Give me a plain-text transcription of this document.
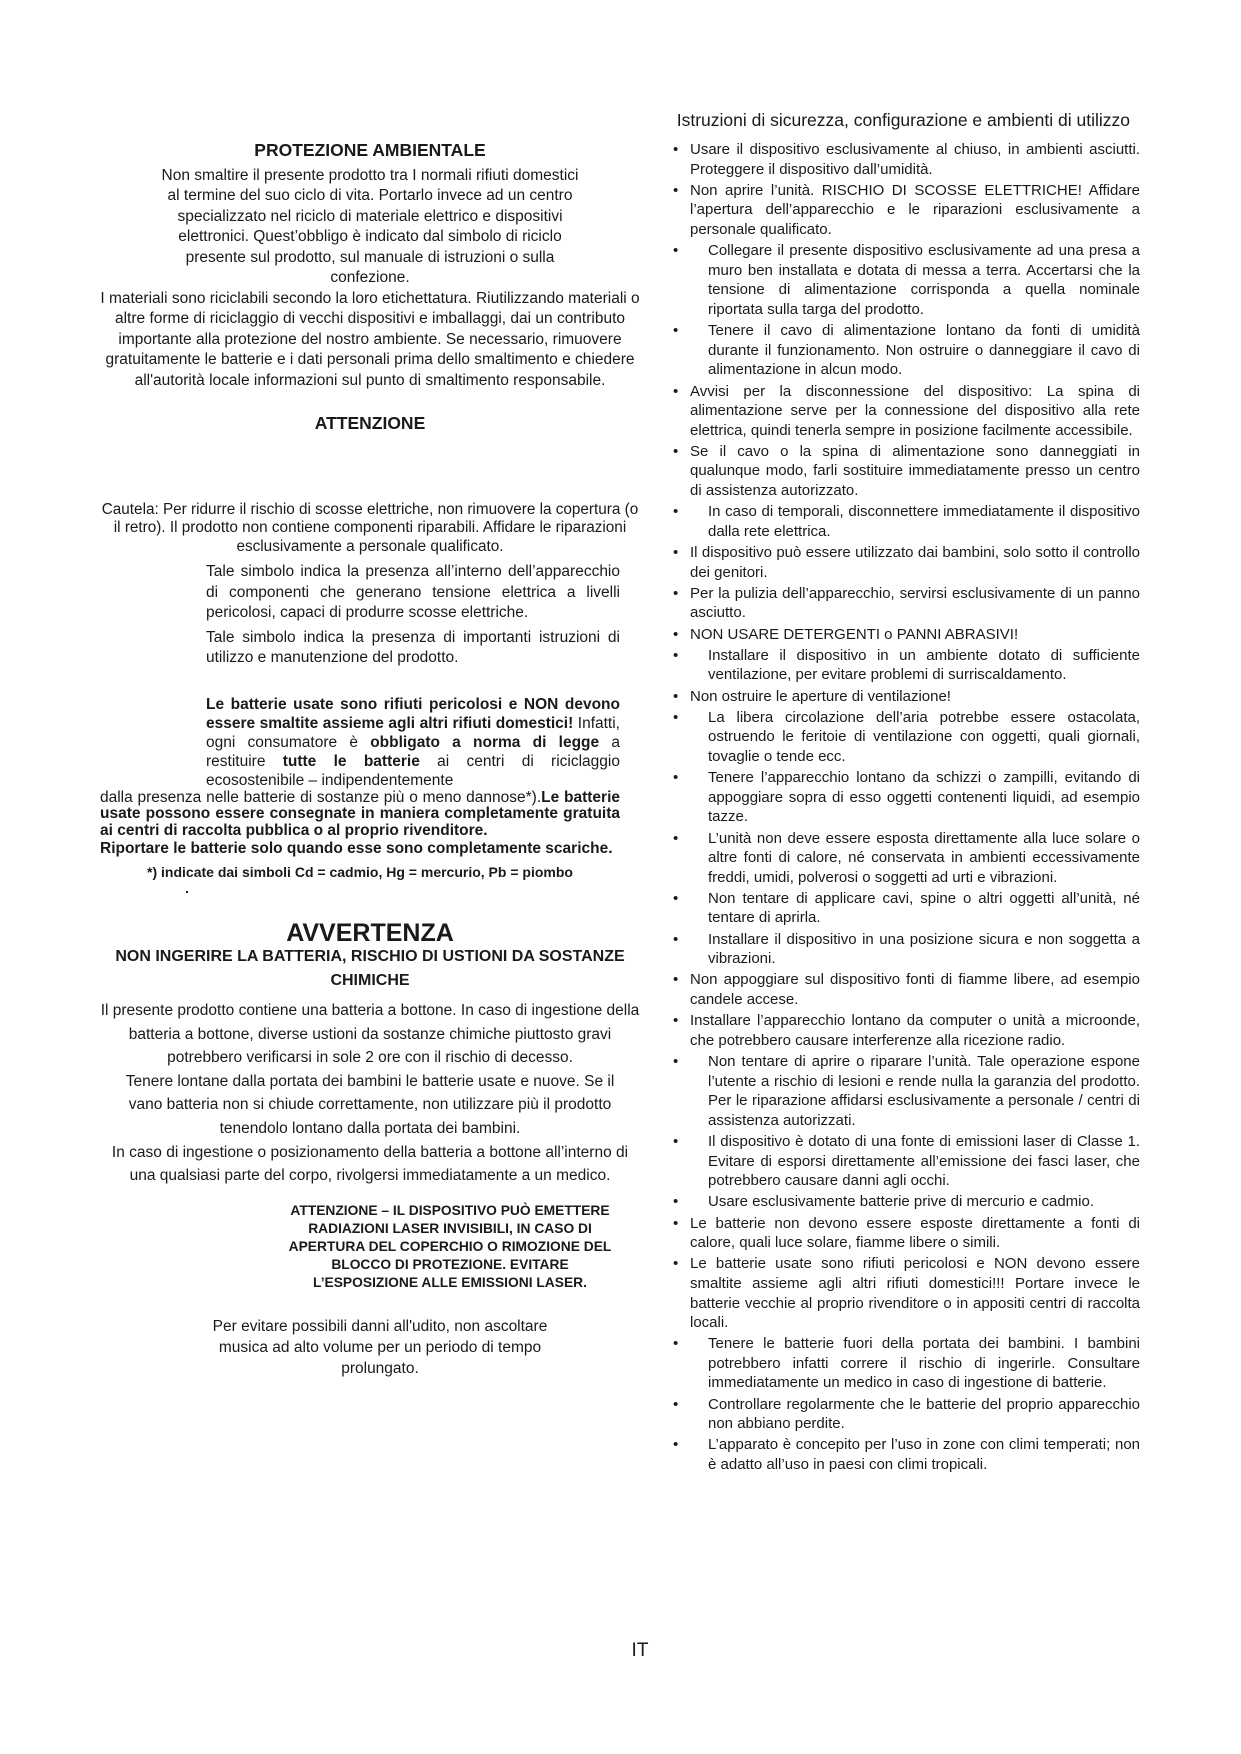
Istruzioni di sicurezza, configurazione e ambienti di utilizzo
PROTEZIONE AMBIENTALE

Non smaltire il presente prodotto tra I normali rifiuti domestici al termine del suo ciclo di vita. Portarlo invece ad un centro specializzato nel riciclo di materiale elettrico e dispositivi elettronici. Quest’obbligo è indicato dal simbolo di riciclo presente sul prodotto, sul manuale di istruzioni o sulla confezione.

I materiali sono riciclabili secondo la loro etichettatura. Riutilizzando materiali o altre forme di riciclaggio di vecchi dispositivi e imballaggi, dai un contributo importante alla protezione del nostro ambiente. Se necessario, rimuovere gratuitamente le batterie e i dati personali prima dello smaltimento e chiedere all'autorità locale informazioni sul punto di smaltimento responsabile.

ATTENZIONE

Cautela: Per ridurre il rischio di scosse elettriche, non rimuovere la copertura (o il retro). Il prodotto non contiene componenti riparabili. Affidare le riparazioni esclusivamente a personale qualificato.

Tale simbolo indica la presenza all’interno dell’apparecchio di componenti che generano tensione elettrica a livelli pericolosi, capaci di produrre scosse elettriche.

Tale simbolo indica la presenza di importanti istruzioni di utilizzo e manutenzione del prodotto.

Le batterie usate sono rifiuti pericolosi e NON devono essere smaltite assieme agli altri rifiuti domestici! Infatti, ogni consumatore è obbligato a norma di legge a restituire tutte le batterie ai centri di riciclaggio ecosostenibile – indipendentemente

dalla presenza nelle batterie di sostanze più o meno dannose*).Le batterie usate possono essere consegnate in maniera completamente gratuita ai centri di raccolta pubblica o al proprio rivenditore.

Riportare le batterie solo quando esse sono completamente scariche.

*) indicate dai simboli Cd = cadmio, Hg = mercurio, Pb = piombo
.
AVVERTENZA
NON INGERIRE LA BATTERIA, RISCHIO DI USTIONI DA SOSTANZE CHIMICHE

Il presente prodotto contiene una batteria a bottone. In caso di ingestione della batteria a bottone, diverse ustioni da sostanze chimiche piuttosto gravi potrebbero verificarsi in sole 2 ore con il rischio di decesso.

Tenere lontane dalla portata dei bambini le batterie usate e nuove. Se il vano batteria non si chiude correttamente, non utilizzare più il prodotto tenendolo lontano dalla portata dei bambini.

In caso di ingestione o posizionamento della batteria a bottone all’interno di una qualsiasi parte del corpo, rivolgersi immediatamente a un medico.

ATTENZIONE – IL DISPOSITIVO PUÒ EMETTERE RADIAZIONI LASER INVISIBILI, IN CASO DI APERTURA DEL COPERCHIO O RIMOZIONE DEL BLOCCO DI PROTEZIONE. EVITARE L’ESPOSIZIONE ALLE EMISSIONI LASER.

Per evitare possibili danni all'udito, non ascoltare musica ad alto volume per un periodo di tempo prolungato.

• Usare il dispositivo esclusivamente al chiuso, in ambienti asciutti. Proteggere il dispositivo dall’umidità.
• Non aprire l’unità. RISCHIO DI SCOSSE ELETTRICHE! Affidare l’apertura dell’apparecchio e le riparazioni esclusivamente a personale qualificato.
• Collegare il presente dispositivo esclusivamente ad una presa a muro ben installata e dotata di messa a terra. Accertarsi che la tensione di alimentazione corrisponda a quella nominale riportata sulla targa del prodotto.
• Tenere il cavo di alimentazione lontano da fonti di umidità durante il funzionamento. Non ostruire o danneggiare il cavo di alimentazione in alcun modo.
• Avvisi per la disconnessione del dispositivo: La spina di alimentazione serve per la connessione del dispositivo alla rete elettrica, quindi tenerla sempre in posizione facilmente accessibile.
• Se il cavo o la spina di alimentazione sono danneggiati in qualunque modo, farli sostituire immediatamente presso un centro di assistenza autorizzato.
• In caso di temporali, disconnettere immediatamente il dispositivo dalla rete elettrica.
• Il dispositivo può essere utilizzato dai bambini, solo sotto il controllo dei genitori.
• Per la pulizia dell’apparecchio, servirsi esclusivamente di un panno asciutto.
• NON USARE DETERGENTI o PANNI ABRASIVI!
• Installare il dispositivo in un ambiente dotato di sufficiente ventilazione, per evitare problemi di surriscaldamento.
• Non ostruire le aperture di ventilazione!
• La libera circolazione dell’aria potrebbe essere ostacolata, ostruendo le feritoie di ventilazione con oggetti, quali giornali, tovaglie o tende ecc.
• Tenere l’apparecchio lontano da schizzi o zampilli, evitando di appoggiare sopra di esso oggetti contenenti liquidi, ad esempio tazze.
• L’unità non deve essere esposta direttamente alla luce solare o altre fonti di calore, né conservata in ambienti eccessivamente freddi, umidi, polverosi o soggetti ad urti e vibrazioni.
• Non tentare di applicare cavi, spine o altri oggetti all’unità, né tentare di aprirla.
• Installare il dispositivo in una posizione sicura e non soggetta a vibrazioni.
• Non appoggiare sul dispositivo fonti di fiamme libere, ad esempio candele accese.
• Installare l’apparecchio lontano da computer o unità a microonde, che potrebbero causare interferenze alla ricezione radio.
• Non tentare di aprire o riparare l’unità. Tale operazione espone l’utente a rischio di lesioni e rende nulla la garanzia del prodotto. Per le riparazione affidarsi esclusivamente a personale / centri di assistenza autorizzati.
• Il dispositivo è dotato di una fonte di emissioni laser di Classe 1. Evitare di esporsi direttamente all’emissione dei fasci laser, che potrebbero causare danni agli occhi.
• Usare esclusivamente batterie prive di mercurio e cadmio.
• Le batterie non devono essere esposte direttamente a fonti di calore, quali luce solare, fiamme libere o simili.
• Le batterie usate sono rifiuti pericolosi e NON devono essere smaltite assieme agli altri rifiuti domestici!!! Portare invece le batterie vecchie al proprio rivenditore o in appositi centri di raccolta locali.
• Tenere le batterie fuori della portata dei bambini. I bambini potrebbero infatti correre il rischio di ingerirle. Consultare immediatamente un medico in caso di ingestione di batterie.
• Controllare regolarmente che le batterie del proprio apparecchio non abbiano perdite.
• L’apparato è concepito per l’uso in zone con climi temperati; non è adatto all’uso in paesi con climi tropicali.
IT
